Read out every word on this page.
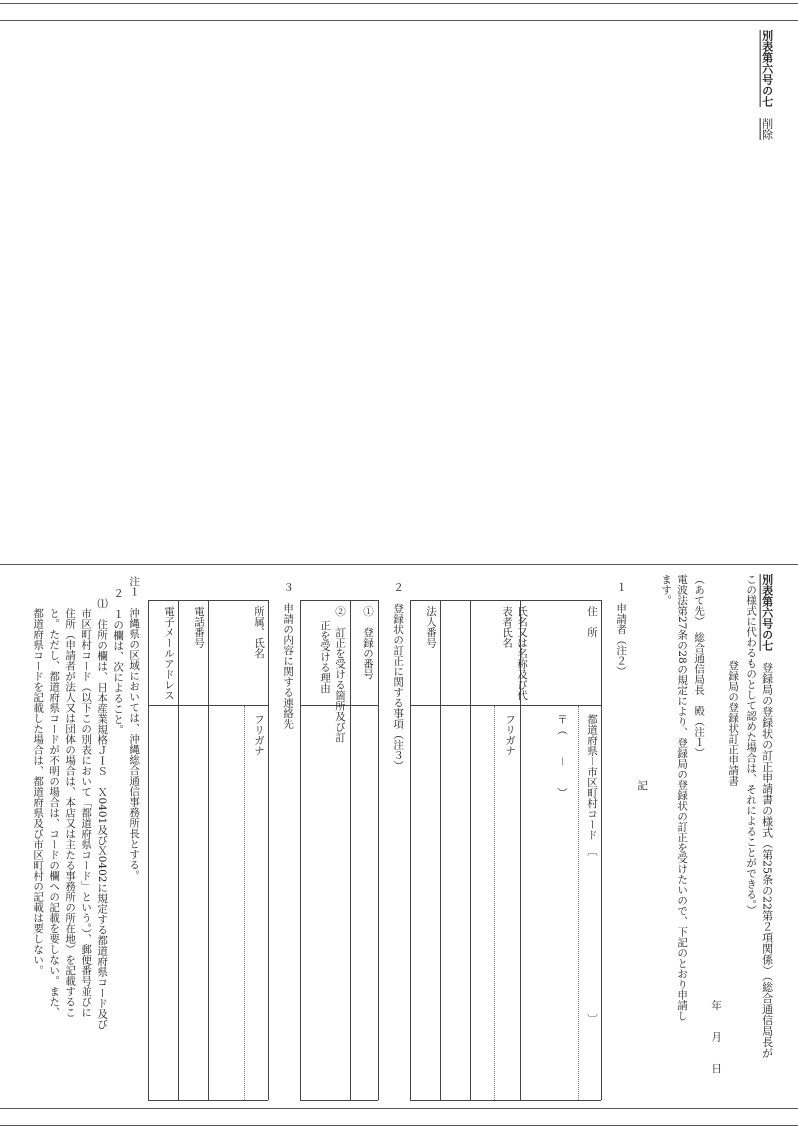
別表第六号の七　削除
別表第六号の七　登録局の登録状の訂正申請書の様式（第25条の22第２項関係）（総合通信局長が
この様式に代わるものとして認めた場合は、それによることができる。）
登録局の登録状訂正申請書
年　　月　　日
（あて先）　総合通信局長　殿（注１）
電波法第27条の28の規定により、登録局の登録状の訂正を受けたいので、下記のとおり申請し
ます。
記
１　申請者（注２）
住　所
都道府県－市区町村コード　〔　　　　　　　　　　　　　　　〕
〒（　　－　　）
氏名又は名称及び代
表者氏名
フリガナ
法人番号
２　登録状の訂正に関する事項（注３）
①　登録の番号
②　訂正を受ける箇所及び訂
正を受ける理由
３　申請の内容に関する連絡先
所属、氏名
フリガナ
電話番号
電子メールアドレス
注１　沖縄県の区域においては、沖縄総合通信事務所長とする。
２　１の欄は、次によること。
⑴　住所の欄は、日本産業規格ＪＩＳ　Ｘ0401及びＸ0402に規定する都道府県コード及び
市区町村コード（以下この別表において「都道府県コード」という。）、郵便番号並びに
住所（申請者が法人又は団体の場合は、本店又は主たる事務所の所在地）を記載するこ
と。ただし、都道府県コードが不明の場合は、コードの欄への記載を要しない。また、
都道府県コードを記載した場合は、都道府県及び市区町村の記載は要しない。
